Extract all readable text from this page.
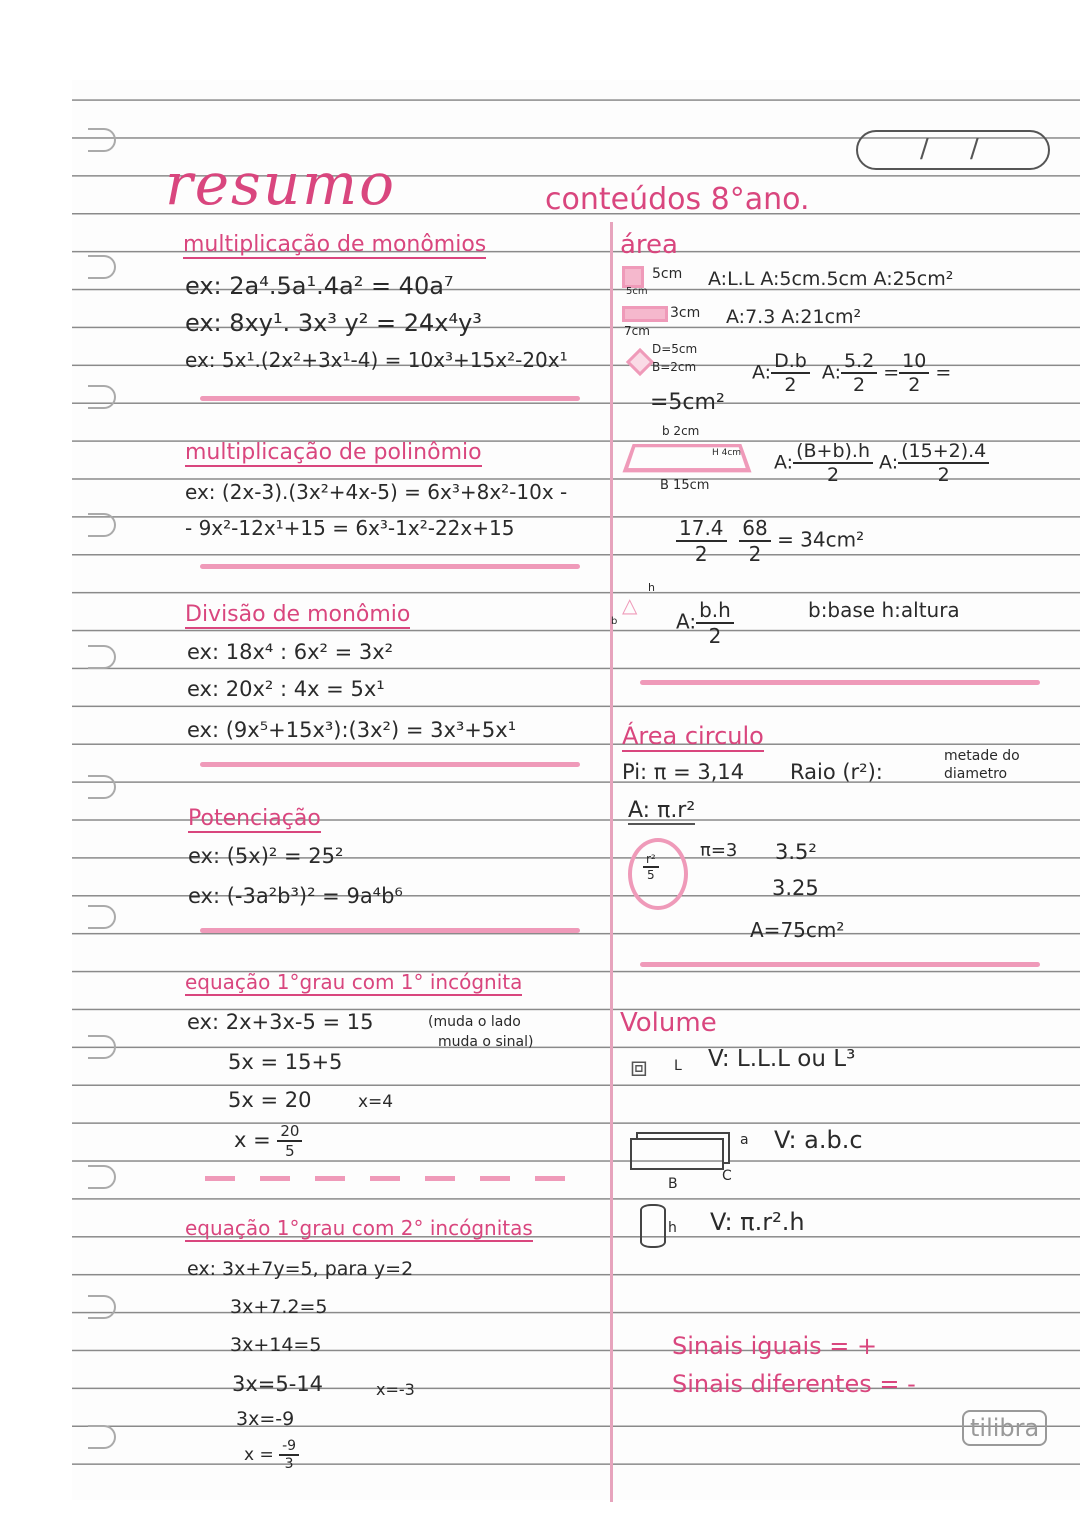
resumo	conteúdos 8°ano.
/ /
multiplicação de monômios
ex: 2a⁴.5a¹.4a² = 40a⁷
ex: 8xy¹. 3x³ y² = 24x⁴y³
ex: 5x¹.(2x²+3x¹-4) = 10x³+15x²-20x¹
multiplicação de polinômio
ex: (2x-3).(3x²+4x-5) = 6x³+8x²-10x -
- 9x²-12x¹+15 = 6x³-1x²-22x+15
Divisão de monômio
ex: 18x⁴ : 6x² = 3x²
ex: 20x² : 4x = 5x¹
ex: (9x⁵+15x³):(3x²) = 3x³+5x¹
Potenciação
ex: (5x)² = 25²
ex: (-3a²b³)² = 9a⁴b⁶
equação 1°grau com 1° incógnita
ex: 2x+3x-5 = 15	(muda o lado
muda o sinal)
5x = 15+5
5x = 20	x=4
$x = \frac{20}{5}$
equação 1°grau com 2° incógnitas
ex: 3x+7y=5, para y=2
3x+7.2=5
3x+14=5
3x=5-14	x=-3
3x=-9
$x = \frac{-9}{3}$
área
5cm
5cm
A:L.L A:5cm.5cm A:25cm²
3cm
7cm
A:7.3 A:21cm²
D=5cm
B=2cm	A: $\frac{D.b}{2} A$: $\frac{5.2}{2} = \frac{10}{2}$ =
=5cm²
b 2cm
H 4cm
B 15cm
A: $\frac{(B+b).h}{2} A$: $\frac{(15+2).4}{2}$
$\frac{17.4}{2}$
$\frac{68}{2} = 34cm^2$
△
h
b	A: $\frac{b.h}{2}$	b:base h:altura
Área circulo
Pi: π = 3,14 Raio (r²):
metade do
diametro
A: π.r²
$\frac{\text{r²}}{5}$
π=3 3.5²
3.25
A=75cm²
Volume
⧈ L V: L.L.L ou L³
a
B	C
V: a.b.c
h V: π.r².h
Sinais iguais = +
Sinais diferentes = -
tilibra
